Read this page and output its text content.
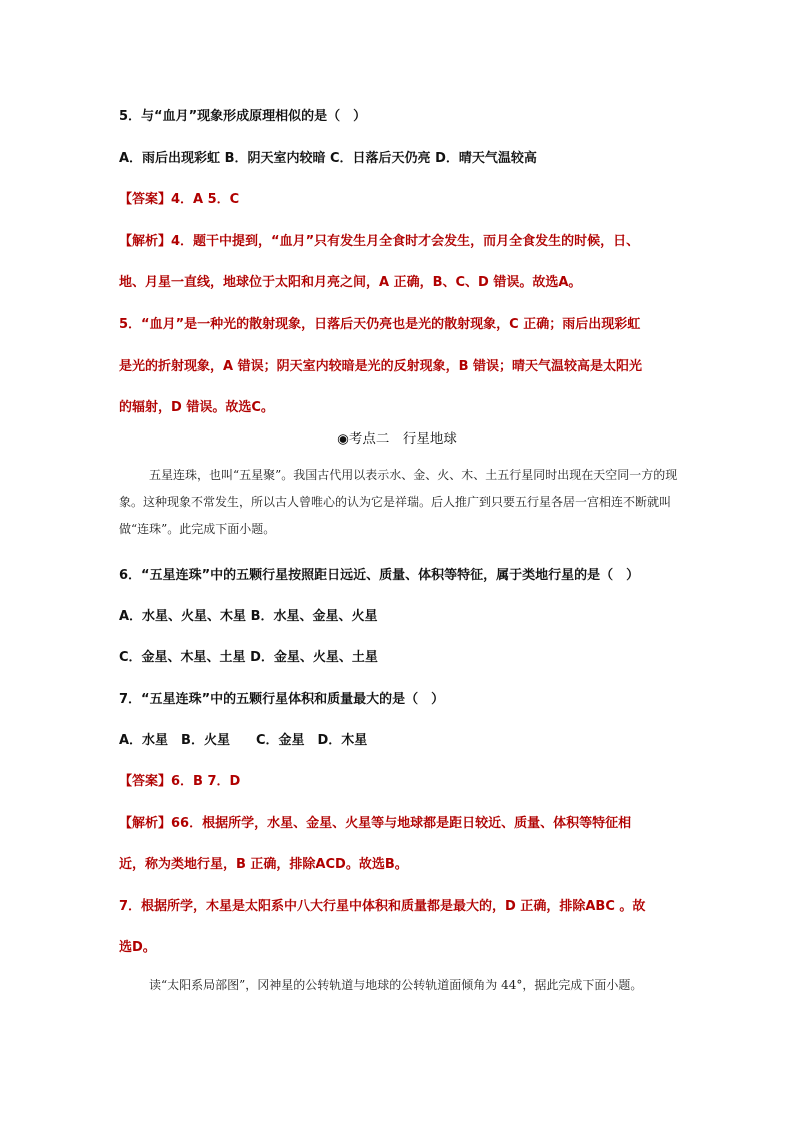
5．与“血月”现象形成原理相似的是（　）
A．雨后出现彩虹 B．阴天室内较暗 C．日落后天仍亮 D．晴天气温较高
【答案】4．A 5．C
【解析】4．题干中提到，“血月”只有发生月全食时才会发生，而月全食发生的时候，日、
地、月星一直线，地球位于太阳和月亮之间，A 正确，B、C、D 错误。故选A。
5．“血月”是一种光的散射现象，日落后天仍亮也是光的散射现象，C 正确；雨后出现彩虹
是光的折射现象，A 错误；阴天室内较暗是光的反射现象，B 错误；晴天气温较高是太阳光
的辐射，D 错误。故选C。
◉考点二　行星地球
五星连珠，也叫“五星聚”。我国古代用以表示水、金、火、木、土五行星同时出现在天空同一方的现象。这种现象不常发生，所以古人曾唯心的认为它是祥瑞。后人推广到只要五行星各居一宫相连不断就叫做“连珠”。此完成下面小题。
6．“五星连珠”中的五颗行星按照距日远近、质量、体积等特征，属于类地行星的是（　）
A．水星、火星、木星 B．水星、金星、火星
C．金星、木星、土星 D．金星、火星、土星
7．“五星连珠”中的五颗行星体积和质量最大的是（　）
A．水星　B．火星　　C．金星　D．木星
【答案】6．B 7．D
【解析】66．根据所学，水星、金星、火星等与地球都是距日较近、质量、体积等特征相
近，称为类地行星，B 正确，排除ACD。故选B。
7．根据所学，木星是太阳系中八大行星中体积和质量都是最大的，D 正确，排除ABC 。故
选D。
读“太阳系局部图”，冈神星的公转轨道与地球的公转轨道面倾角为 44°，据此完成下面小题。
